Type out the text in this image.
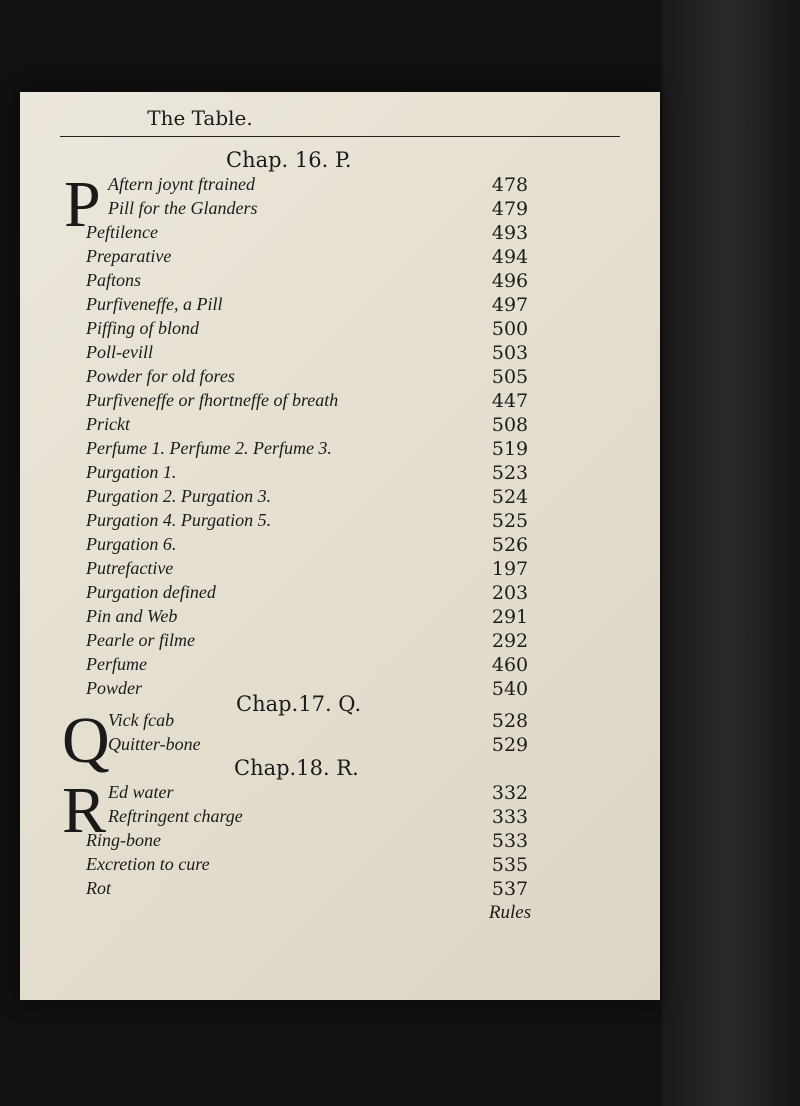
The Table.
Chap. 16. P.
P Aftern joynt ftrained	478
Pill for the Glanders	479
Peftilence	493
Preparative	494
Paftons	496
Purfiveneffe, a Pill	497
Piffing of blond	500
Poll-evill	503
Powder for old fores	505
Purfiveneffe or fhortneffe of breath	447
Prickt	508
Perfume 1. Perfume 2. Perfume 3.	519
Purgation 1.	523
Purgation 2. Purgation 3.	524
Purgation 4. Purgation 5.	525
Purgation 6.	526
Putrefactive	197
Purgation defined	203
Pin and Web	291
Pearle or filme	292
Perfume	460
Powder	540
Chap.17. Q.
Q
Vick fcab	528
Quitter-bone	529
Chap.18. R.
R Ed water	332
Reftringent charge	333
Ring-bone	533
Excretion to cure	535
Rot	537
Rules
